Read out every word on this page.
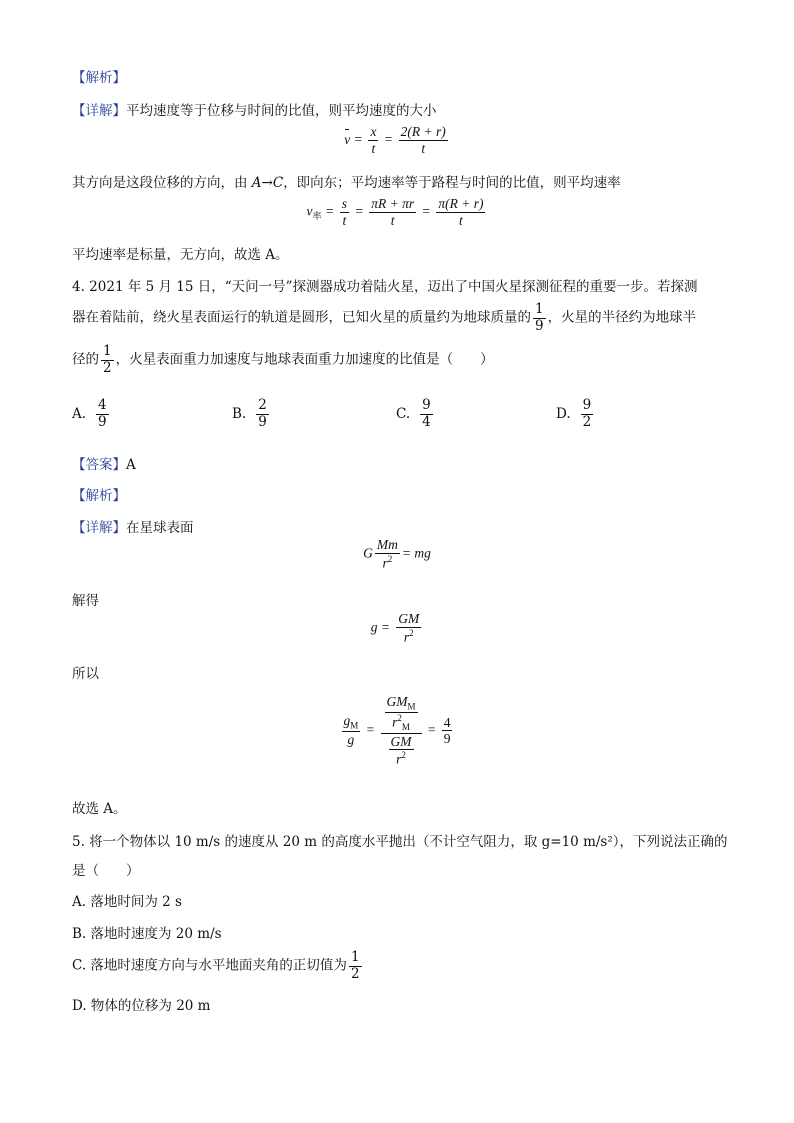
【解析】
【详解】平均速度等于位移与时间的比值，则平均速度的大小
$v = \frac{x}{t} = \frac{2(R + r)}{t}$
其方向是这段位移的方向，由 A→C，即向东；平均速率等于路程与时间的比值，则平均速率
$v_率 = \frac{s}{t} = \frac{\pi R + \pi r}{t} = \frac{\pi(R + r)}{t}$
平均速率是标量，无方向，故选 A。
4. 2021 年 5 月 15 日，“天问一号”探测器成功着陆火星，迈出了中国火星探测征程的重要一步。若探测
器在着陆前，绕火星表面运行的轨道是圆形，已知火星的质量约为地球质量的 $\frac{1}{9}$ ，火星的半径约为地球半
径的 $\frac{1}{2}$ ，火星表面重力加速度与地球表面重力加速度的比值是（　　）
A. $\frac{4}{9}$	B. $\frac{2}{9}$	C. $\frac{9}{4}$	D. $\frac{9}{2}$
【答案】A
【解析】
【详解】在星球表面
G $\frac{Mm}{r^2}$ = mg
解得
$g = \frac{GM}{r^2}$
所以
$\frac{g_M}{g} = \frac{\frac{GM_M}{r^2_M}}{\frac{GM}{r^2}} = \frac{4}{9}$
故选 A。
5. 将一个物体以 10 m/s 的速度从 20 m 的高度水平抛出（不计空气阻力，取 g=10 m/s²），下列说法正确的
是（　　）
A. 落地时间为 2 s
B. 落地时速度为 20 m/s
C. 落地时速度方向与水平地面夹角的正切值为 $\frac{1}{2}$
D. 物体的位移为 20 m
